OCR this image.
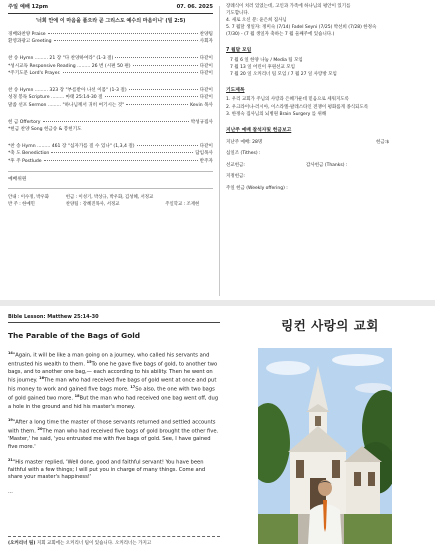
주일 예배 12pm	07. 06. 2025
'너희 안에 이 마음을 품으라 곧 그리스도 예수의 마음이니' (빌 2:5)
경배와찬양 Praise	찬양팀
환영과광고 Greeting	사회자
찬 송 Hymn ......... 21 장 "다 찬양하여라" (1-3 절)	다같이
*성시교독 Responsive Reading ......... 26 번 (시편 50 편)	다같이
*주기도문 Lord's Prayer.	다같이
찬 송 Hymn ......... 323 장 "부름받아 나선 이몸" (1-3 절)	다같이
성경 봉독 Scripture ......... 마태 25:14-30 절	다같이
말씀 선포 Sermon ......... "하나님께서 귀히 여기시는 것"	Kevin 목사
헌 금 Offertory	박성규집사
*헌금 찬양 Song 헌금송 & 봉헌기도
*찬 송 Hymn ......... 461 장 "십자가를 질 수 있나" (1,3,4 절)	다같이
*축 도 Benediction	담임목사
*후 주 Postlude	반주자
예배위원
안내 : 이수정, 박우화	헌금 : 이성기, 박상규, 박우화, 김성혜, 서정교
반 주 : 한예민	찬양팀 : 강혜진목사, 서정교	주일학교 : 조재현

장례식이 치러 있었는데, 고인과 가족에 하나님의 평안이 있기를

기도합니다.

4. 새로 오신 분: 윤은희 집사님

5. 7 월달 생일자: 정미숙 (7/14) Fadel Seyni (7/25) 박선희 (7/28) 한정숙

(7/30) - (7 월 생일자 축하는 7 월 둘째주에 있습니다.)

7 월달 모임

7 월 6 일 한양 나눔 / Media 팀 모임

7 월 13 일 어린이 후원선교 모임

7 월 20 일 오커리너 팀 모임 / 7 월 27 일 사랑방 모임

기도제목

1. 우리 교회가 주님의 사랑과 은혜가운데 믿음으로 세워지도록

2. 우크라이나-러시아, 이스라엘-팔레스타인 전쟁이 평화롭게 종식되도록

3. 한정숙 집사님의 뇌병원 Brain Surgery 를 위해

지난주 예배 참석자및 헌금보고
지난주 예배: 28명	헌금:$
십일조 (Tithes) :
선교헌금:	감사헌금 (Thanks) :
지정헌금:
주일 헌금 (Weekly offering) :
Bible Lesson: Matthew 25:14-30
The Parable of the Bags of Gold
$^{14}$"Again, it will be like a man going on a journey, who called his servants and entrusted his wealth to them. $^{15}$To one he gave five bags of gold, to another two bags, and to another one bag,— each according to his ability. Then he went on his journey. $^{16}$The man who had received five bags of gold went at once and put his money to work and gained five bags more. $^{17}$So also, the one with two bags of gold gained two more. $^{18}$But the man who had received one bag went off, dug a hole in the ground and hid his master's money.
$^{19}$"After a long time the master of those servants returned and settled accounts with them. $^{20}$The man who had received five bags of gold brought the other five. 'Master,' he said, 'you entrusted me with five bags of gold. See, I have gained five more.'
$^{21}$"His master replied, 'Well done, good and faithful servant! You have been faithful with a few things; I will put you in charge of many things. Come and share your master's happiness!'
...
(오커리너 팀) 지회 교회에는 오커리너 팀이 있습니다. 오커리너는 가지고
링컨 사랑의 교회
